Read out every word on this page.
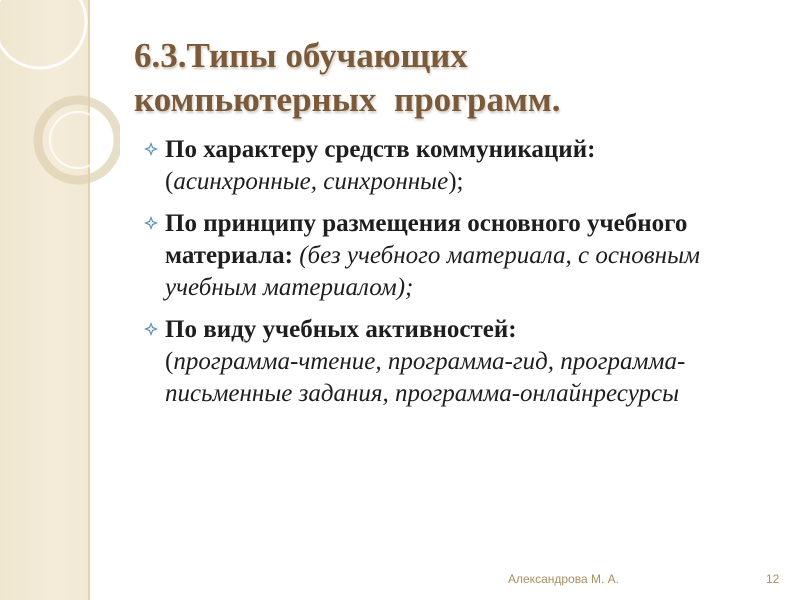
6.3.Типы обучающих
компьютерных  программ.
По характеру средств коммуникаций:
(асинхронные, синхронные);
По принципу размещения основного учебного материала: (без учебного материала, с основным учебным материалом);
По виду учебных активностей:
(программа-чтение, программа-гид, программа-письменные задания, программа-онлайнресурсы
Александрова М. А.	12
